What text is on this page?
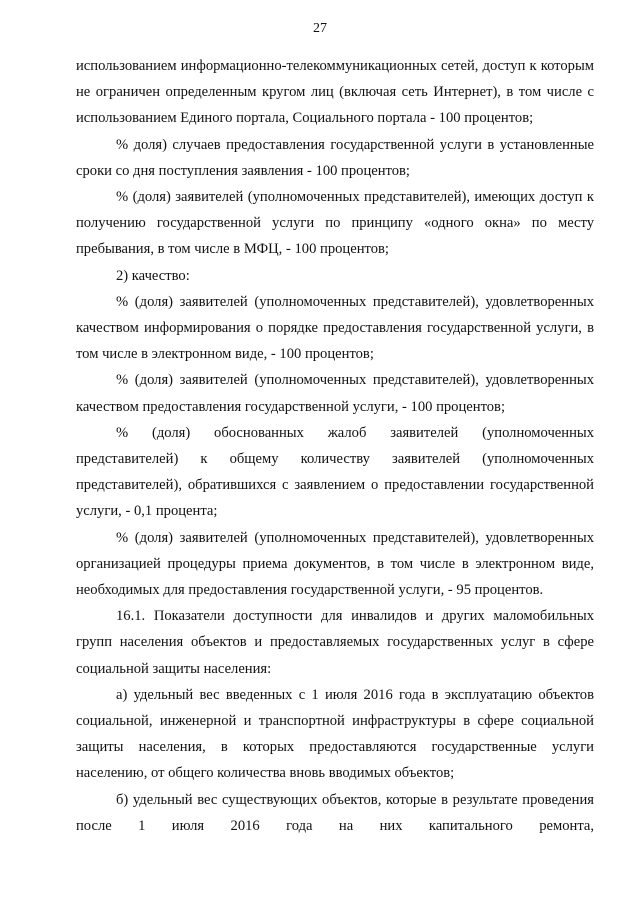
27

использованием информационно-телекоммуникационных сетей, доступ к которым не ограничен определенным кругом лиц (включая сеть Интернет), в том числе с использованием Единого портала, Социального портала - 100 процентов;

% доля) случаев предоставления государственной услуги в установленные сроки со дня поступления заявления - 100 процентов;

% (доля) заявителей (уполномоченных представителей), имеющих доступ к получению государственной услуги по принципу «одного окна» по месту пребывания, в том числе в МФЦ, - 100 процентов;

2) качество:

% (доля) заявителей (уполномоченных представителей), удовлетворенных качеством информирования о порядке предоставления государственной услуги, в том числе в электронном виде, - 100 процентов;

% (доля) заявителей (уполномоченных представителей), удовлетворенных качеством предоставления государственной услуги, - 100 процентов;

% (доля) обоснованных жалоб заявителей (уполномоченных представителей) к общему количеству заявителей (уполномоченных представителей), обратившихся с заявлением о предоставлении государственной услуги, - 0,1 процента;

% (доля) заявителей (уполномоченных представителей), удовлетворенных организацией процедуры приема документов, в том числе в электронном виде, необходимых для предоставления государственной услуги, - 95 процентов.

16.1. Показатели доступности для инвалидов и других маломобильных групп населения объектов и предоставляемых государственных услуг в сфере социальной защиты населения:

а) удельный вес введенных с 1 июля 2016 года в эксплуатацию объектов социальной, инженерной и транспортной инфраструктуры в сфере социальной защиты населения, в которых предоставляются государственные услуги населению, от общего количества вновь вводимых объектов;

б) удельный вес существующих объектов, которые в результате проведения после 1 июля 2016 года на них капитального ремонта,
